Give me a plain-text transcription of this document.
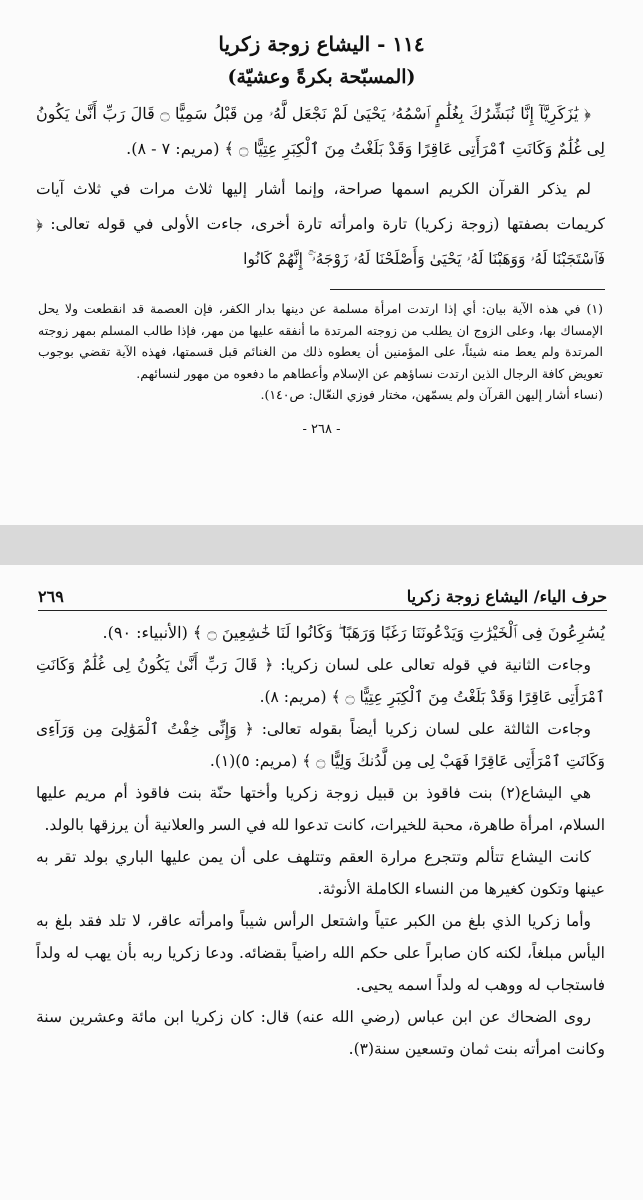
١١٤ - اليشاع زوجة زكريا
(المسبّحة بكرةً وعشيّة)

﴿ يَٰزَكَرِيَّآ إِنَّا نُبَشِّرُكَ بِغُلَٰمٍ ٱسْمُهُۥ يَحْيَىٰ لَمْ نَجْعَل لَّهُۥ مِن قَبْلُ سَمِيًّا ۝ قَالَ رَبِّ أَنَّىٰ يَكُونُ لِى غُلَٰمٌ وَكَانَتِ ٱمْرَأَتِى عَاقِرًا وَقَدْ بَلَغْتُ مِنَ ٱلْكِبَرِ عِتِيًّا ۝ ﴾ (مريم: ٧ - ٨).

لم يذكر القرآن الكريم اسمها صراحة، وإنما أشار إليها ثلاث مرات في ثلاث آيات كريمات بصفتها (زوجة زكريا) تارة وامرأته تارة أخرى، جاءت الأولى في قوله تعالى: ﴿ فَٱسْتَجَبْنَا لَهُۥ وَوَهَبْنَا لَهُۥ يَحْيَىٰ وَأَصْلَحْنَا لَهُۥ زَوْجَهُۥٓ ۚ إِنَّهُمْ كَانُوا

(١) في هذه الآية بيان: أي إذا ارتدت امرأة مسلمة عن دينها بدار الكفر، فإن العصمة قد انقطعت ولا يحل الإمساك بها، وعلى الزوج ان يطلب من زوجته المرتدة ما أنفقه عليها من مهر، فإذا طالب المسلم بمهر زوجته المرتدة ولم يعط منه شيئاً، على المؤمنين أن يعطوه ذلك من الغنائم قبل قسمتها، فهذه الآية تقضي بوجوب تعويض كافة الرجال الذين ارتدت نساؤهم عن الإسلام وأعطاهم ما دفعوه من مهور لنسائهم.

(نساء أشار إليهن القرآن ولم يسمّهن، مختار فوزي النعّال: ص١٤٠).

- ٢٦٨ -
حرف الياء/ اليشاع زوجة زكريا
٢٦٩

يُسَٰرِعُونَ فِى ٱلْخَيْرَٰتِ وَيَدْعُونَنَا رَغَبًا وَرَهَبًا ۖ وَكَانُوا لَنَا خَٰشِعِينَ ۝ ﴾ (الأنبياء: ٩٠).

وجاءت الثانية في قوله تعالى على لسان زكريا: ﴿ قَالَ رَبِّ أَنَّىٰ يَكُونُ لِى غُلَٰمٌ وَكَانَتِ ٱمْرَأَتِى عَاقِرًا وَقَدْ بَلَغْتُ مِنَ ٱلْكِبَرِ عِتِيًّا ۝ ﴾ (مريم: ٨).

وجاءت الثالثة على لسان زكريا أيضاً بقوله تعالى: ﴿ وَإِنِّى خِفْتُ ٱلْمَوَٰلِىَ مِن وَرَآءِى وَكَانَتِ ٱمْرَأَتِى عَاقِرًا فَهَبْ لِى مِن لَّدُنكَ وَلِيًّا ۝ ﴾ (مريم: ٥)(١).

هي اليشاع(٢) بنت فاقوذ بن قبيل زوجة زكريا وأختها حنّة بنت فاقوذ أم مريم عليها السلام، امرأة طاهرة، محبة للخيرات، كانت تدعوا لله في السر والعلانية أن يرزقها بالولد.

كانت اليشاع تتألم وتتجرع مرارة العقم وتتلهف على أن يمن عليها الباري بولد تقر به عينها وتكون كغيرها من النساء الكاملة الأنوثة.

وأما زكريا الذي بلغ من الكبر عتياً واشتعل الرأس شيباً وامرأته عاقر، لا تلد فقد بلغ به اليأس مبلغاً، لكنه كان صابراً على حكم الله راضياً بقضائه. ودعا زكريا ربه بأن يهب له ولداً فاستجاب له ووهب له ولداً اسمه يحيى.

روى الضحاك عن ابن عباس (رضي الله عنه) قال: كان زكريا ابن مائة وعشرين سنة وكانت امرأته بنت ثمان وتسعين سنة(٣).
